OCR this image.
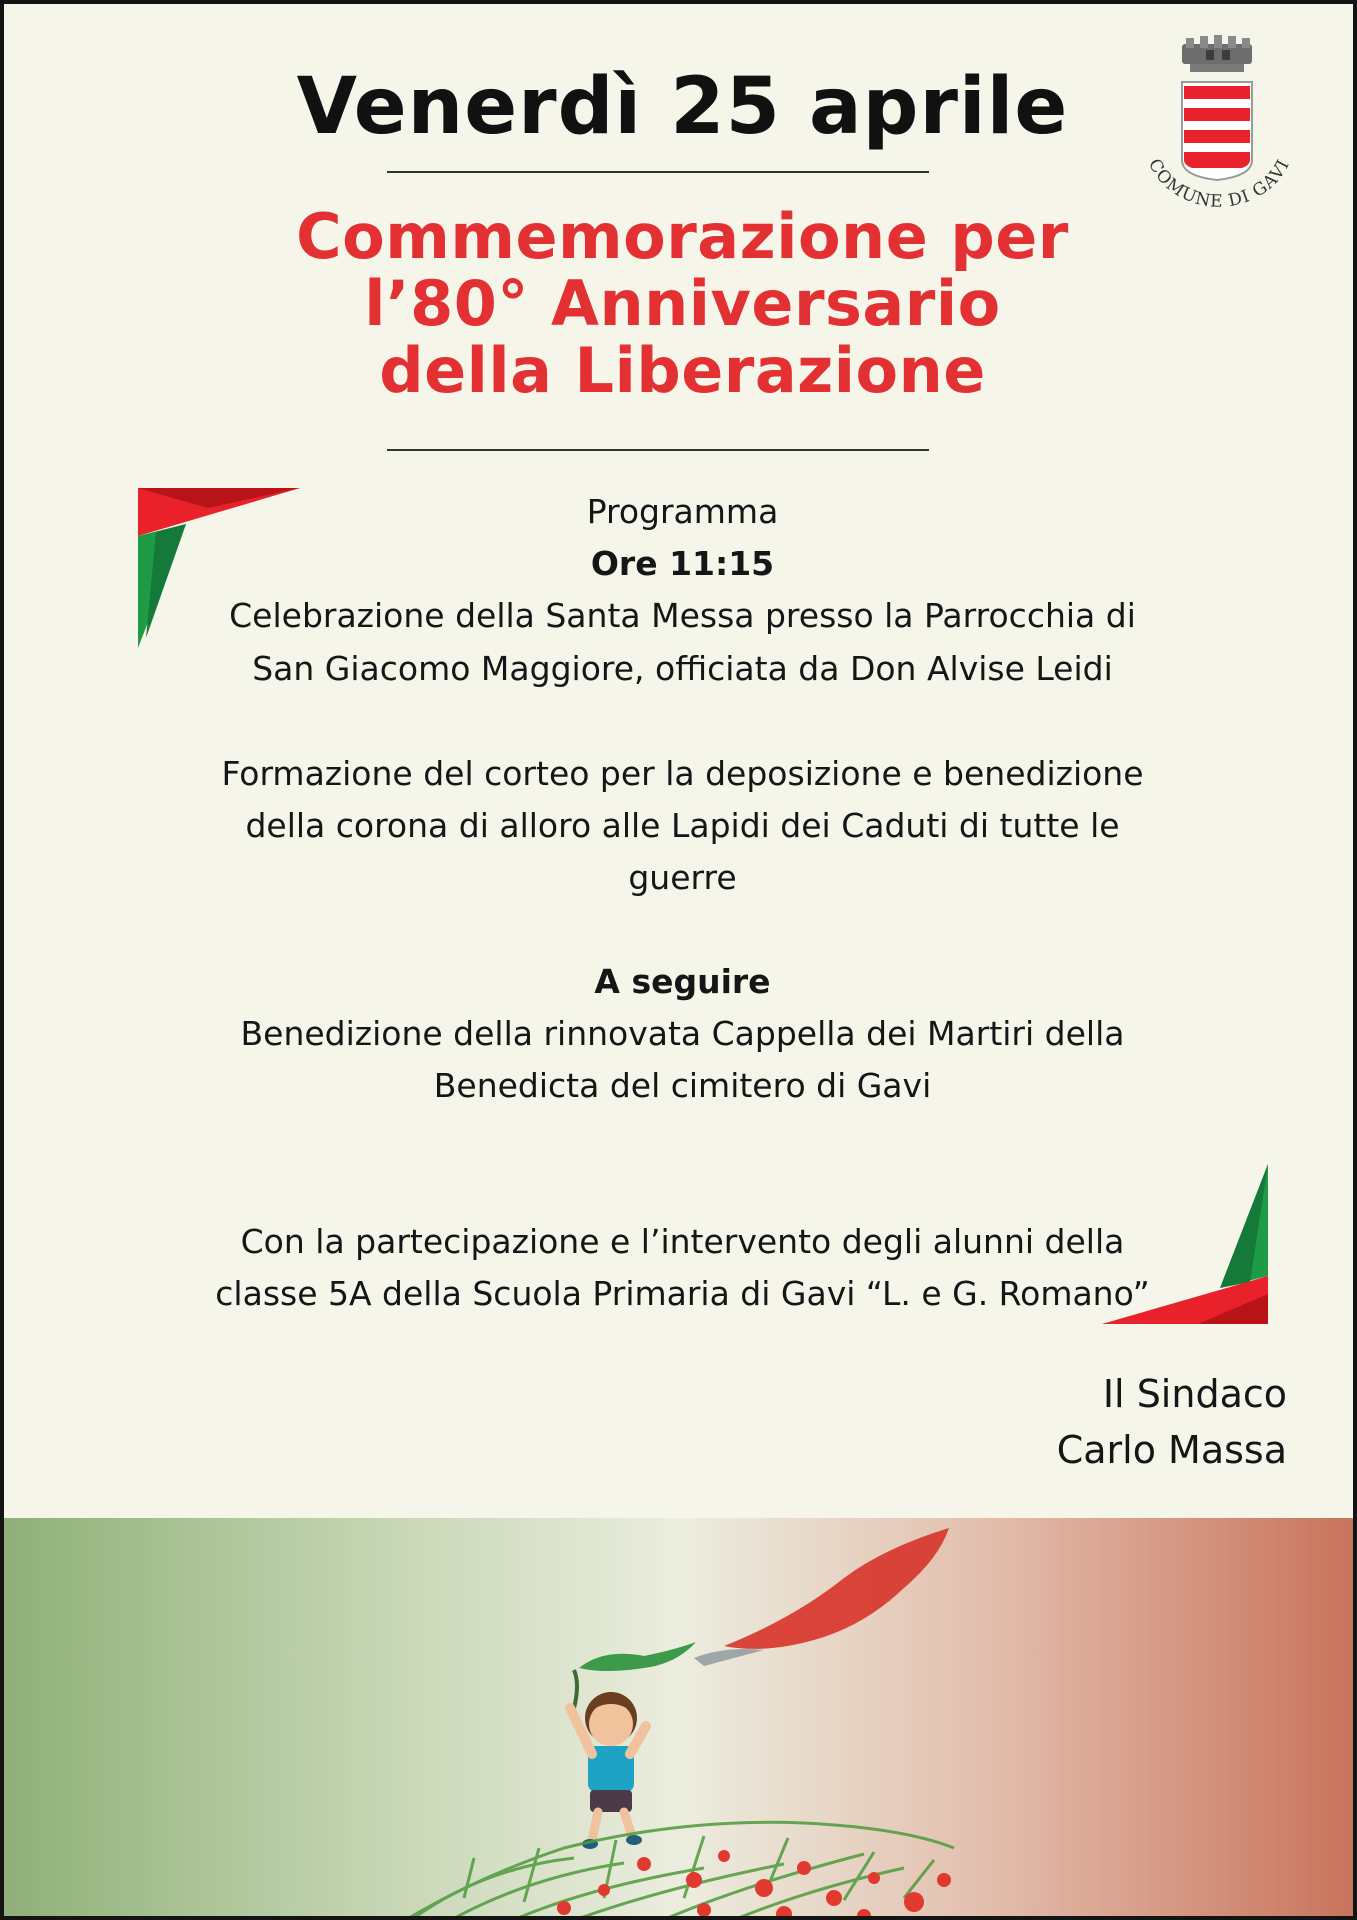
Venerdì 25 aprile
Commemorazione per
l’80° Anniversario
della Liberazione
COMUNE DI GAVI
Programma
Ore 11:15
Celebrazione della Santa Messa presso la Parrocchia di
San Giacomo Maggiore, officiata da Don Alvise Leidi
Formazione del corteo per la deposizione e benedizione
della corona di alloro alle Lapidi dei Caduti di tutte le
guerre
A seguire
Benedizione della rinnovata Cappella dei Martiri della
Benedicta del cimitero di Gavi
Con la partecipazione e l’intervento degli alunni della
classe 5A della Scuola Primaria di Gavi “L. e G. Romano”
Il Sindaco
Carlo Massa
